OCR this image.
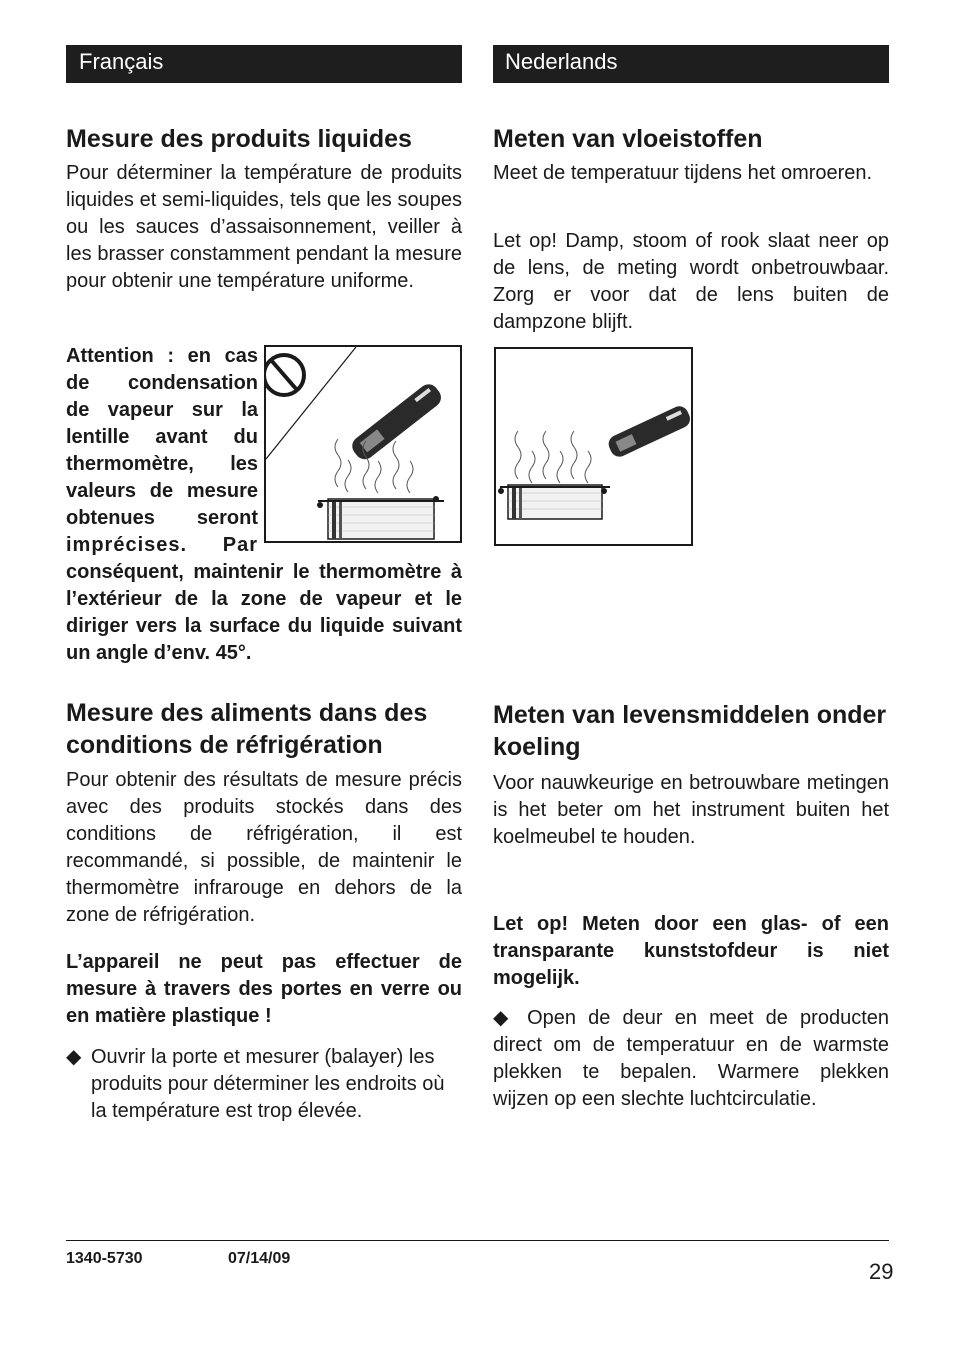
Français
Mesure des produits liquides

Pour déterminer la température de produits liquides et semi-liquides, tels que les soupes ou les sauces d’assaisonnement, veiller à les brasser constamment pendant la mesure pour obtenir une température uniforme.

Attention : en cas

de condensation

de vapeur sur la

lentille avant du

thermomètre, les

valeurs de mesure

obtenues seront

imprécises. Par

conséquent, maintenir le thermomètre à l’extérieur de la zone de vapeur et le diriger vers la surface du liquide suivant un angle d’env. 45°.

Mesure des aliments dans des conditions de réfrigération

Pour obtenir des résultats de mesure précis avec des produits stockés dans des conditions de réfrigération, il est recommandé, si possible, de maintenir le thermomètre infrarouge en dehors de la zone de réfrigération.

L’appareil ne peut pas effectuer de mesure à travers des portes en verre ou en matière plastique !

◆ Ouvrir la porte et mesurer (balayer) les produits pour déterminer les endroits où la température est trop élevée.

Nederlands
Meten van vloeistoffen

Meet de temperatuur tijdens het omroeren.

Let op! Damp, stoom of rook slaat neer op de lens, de meting wordt onbetrouwbaar. Zorg er voor dat de lens buiten de dampzone blijft.

Meten van levensmiddelen onder koeling

Voor nauwkeurige en betrouwbare metingen is het beter om het instrument buiten het koelmeubel te houden.

Let op! Meten door een glas- of een transparante kunststofdeur is niet mogelijk.

◆ Open de deur en meet de producten direct om de temperatuur en de warmste plekken te bepalen. Warmere plekken wijzen op een slechte luchtcirculatie.

1340-5730	07/14/09
29
